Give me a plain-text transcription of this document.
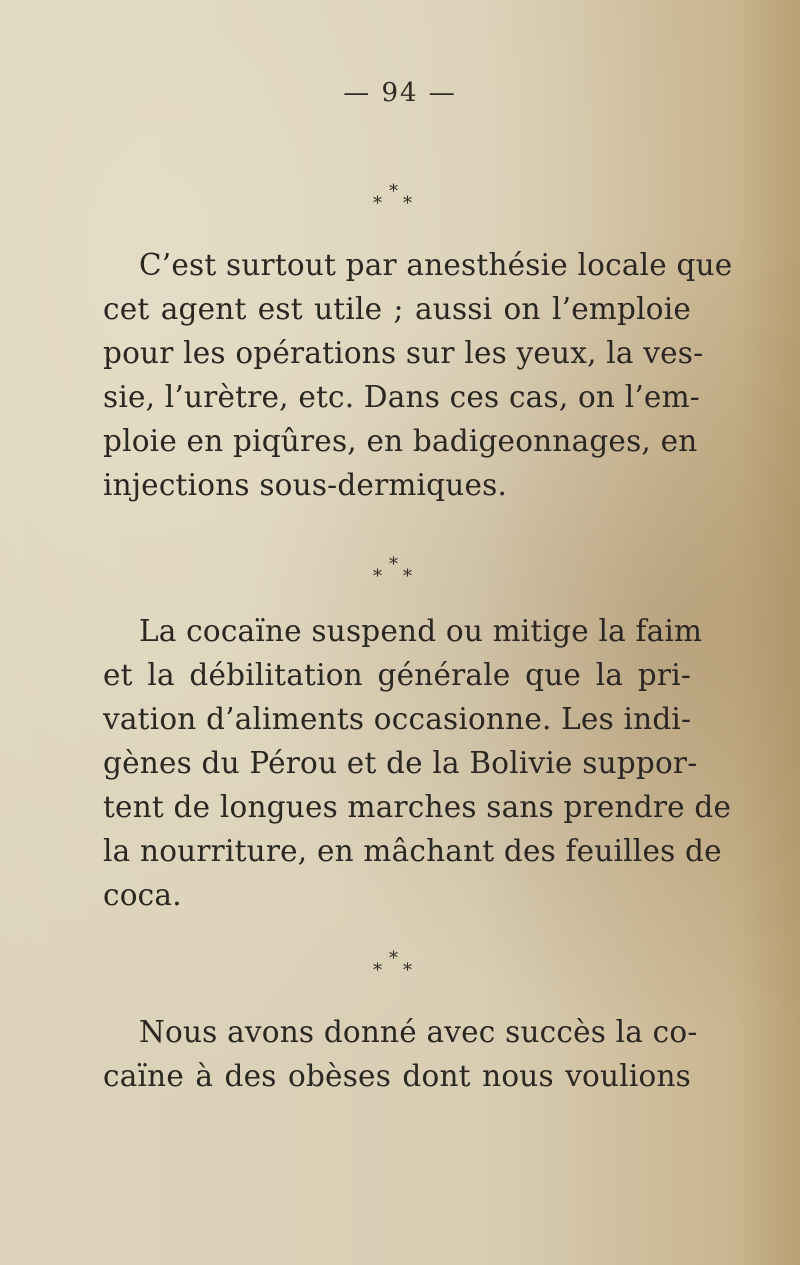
— 94 —
*
* *
C’est surtout par anesthésie locale que
cet agent est utile ; aussi on l’emploie
pour les opérations sur les yeux, la ves-
sie, l’urètre, etc. Dans ces cas, on l’em-
ploie en piqûres, en badigeonnages, en
injections sous-dermiques.
*
* *
La cocaïne suspend ou mitige la faim
et la débilitation générale que la pri-
vation d’aliments occasionne. Les indi-
gènes du Pérou et de la Bolivie suppor-
tent de longues marches sans prendre de
la nourriture, en mâchant des feuilles de
coca.
*
* *
Nous avons donné avec succès la co-
caïne à des obèses dont nous voulions
